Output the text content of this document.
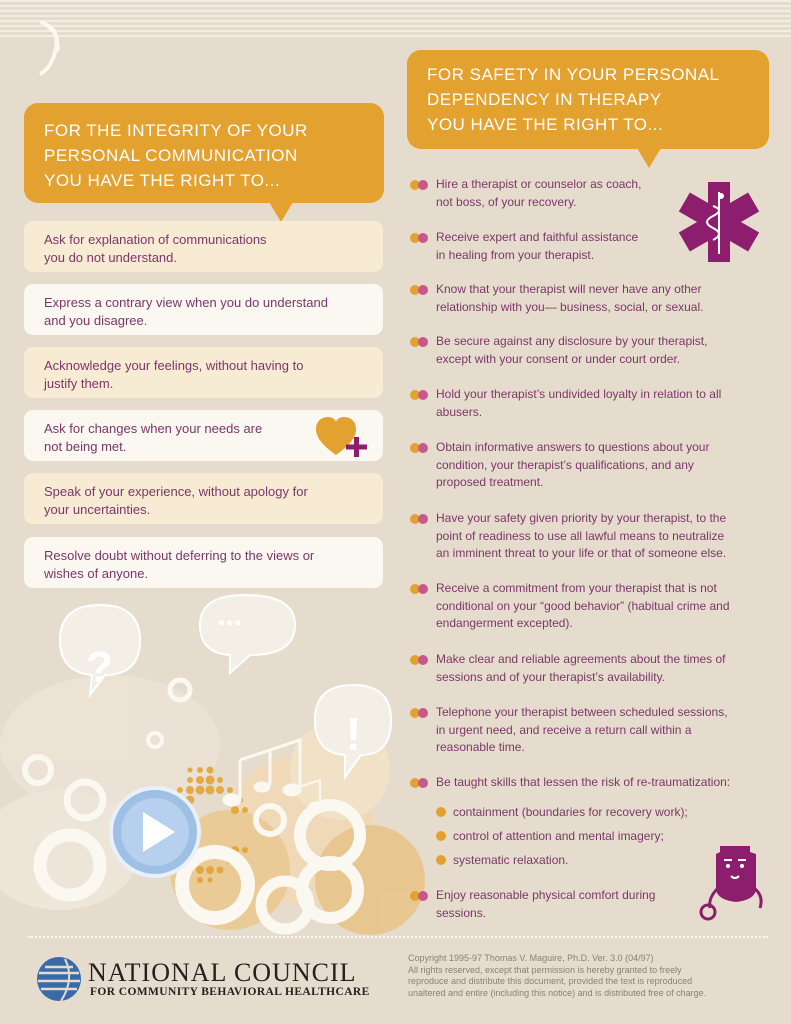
?
...
!
FOR THE INTEGRITY OF YOUR
PERSONAL COMMUNICATION
YOU HAVE THE RIGHT TO...
Ask for explanation of communications
you do not understand.
Express a contrary view when you do understand
and you disagree.
Acknowledge your feelings, without having to
justify them.
Ask for changes when your needs are
not being met.
Speak of your experience, without apology for
your uncertainties.
Resolve doubt without deferring to the views or
wishes of anyone.
FOR SAFETY IN YOUR PERSONAL
DEPENDENCY IN THERAPY
YOU HAVE THE RIGHT TO...
Hire a therapist or counselor as coach,
not boss, of your recovery.
Receive expert and faithful assistance
in healing from your therapist.
Know that your therapist will never have any other
relationship with you— business, social, or sexual.
Be secure against any disclosure by your therapist,
except with your consent or under court order.
Hold your therapist’s undivided loyalty in relation to all
abusers.
Obtain informative answers to questions about your
condition, your therapist’s qualifications, and any
proposed treatment.
Have your safety given priority by your therapist, to the
point of readiness to use all lawful means to neutralize
an imminent threat to your life or that of someone else.
Receive a commitment from your therapist that is not
conditional on your “good behavior” (habitual crime and
endangerment excepted).
Make clear and reliable agreements about the times of
sessions and of your therapist’s availability.
Telephone your therapist between scheduled sessions,
in urgent need, and receive a return call within a
reasonable time.
Be taught skills that lessen the risk of re-traumatization:
containment (boundaries for recovery work);
control of attention and mental imagery;
systematic relaxation.
Enjoy reasonable physical comfort during
sessions.
NATIONAL COUNCIL
FOR COMMUNITY BEHAVIORAL HEALTHCARE
Copyright 1995-97 Thomas V. Maguire, Ph.D. Ver. 3.0 (04/97)
All rights reserved, except that permission is hereby granted to freely
reproduce and distribute this document, provided the text is reproduced
unaltered and entire (including this notice) and is distributed free of charge.
